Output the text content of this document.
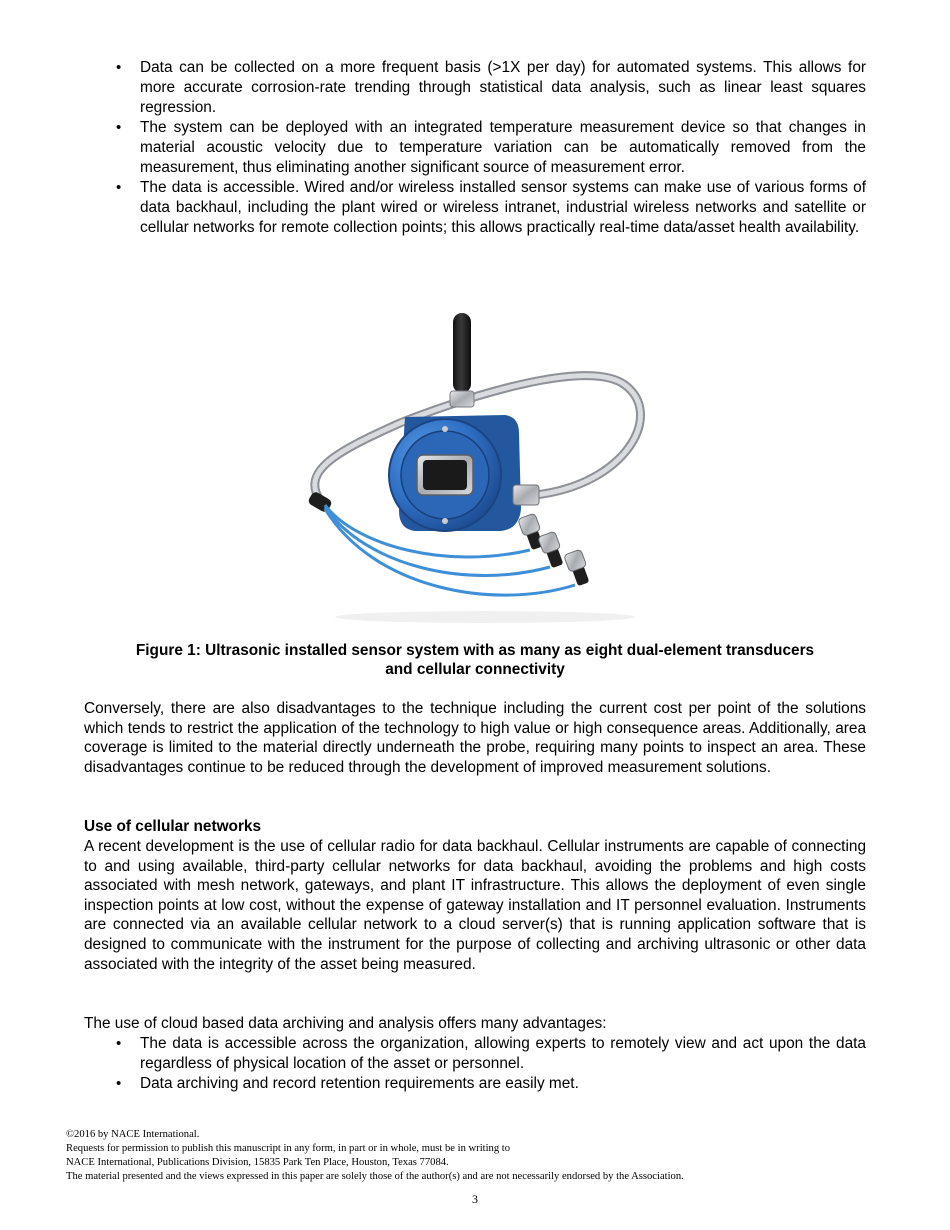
• Data can be collected on a more frequent basis (>1X per day) for automated systems. This allows for more accurate corrosion-rate trending through statistical data analysis, such as linear least squares regression.
• The system can be deployed with an integrated temperature measurement device so that changes in material acoustic velocity due to temperature variation can be automatically removed from the measurement, thus eliminating another significant source of measurement error.
• The data is accessible. Wired and/or wireless installed sensor systems can make use of various forms of data backhaul, including the plant wired or wireless intranet, industrial wireless networks and satellite or cellular networks for remote collection points; this allows practically real-time data/asset health availability.
Figure 1: Ultrasonic installed sensor system with as many as eight dual-element transducers
and cellular connectivity

Conversely, there are also disadvantages to the technique including the current cost per point of the solutions which tends to restrict the application of the technology to high value or high consequence areas. Additionally, area coverage is limited to the material directly underneath the probe, requiring many points to inspect an area. These disadvantages continue to be reduced through the development of improved measurement solutions.

Use of cellular networks

A recent development is the use of cellular radio for data backhaul. Cellular instruments are capable of connecting to and using available, third-party cellular networks for data backhaul, avoiding the problems and high costs associated with mesh network, gateways, and plant IT infrastructure. This allows the deployment of even single inspection points at low cost, without the expense of gateway installation and IT personnel evaluation. Instruments are connected via an available cellular network to a cloud server(s) that is running application software that is designed to communicate with the instrument for the purpose of collecting and archiving ultrasonic or other data associated with the integrity of the asset being measured.

The use of cloud based data archiving and analysis offers many advantages:

• The data is accessible across the organization, allowing experts to remotely view and act upon the data regardless of physical location of the asset or personnel.
• Data archiving and record retention requirements are easily met.
©2016 by NACE International.
Requests for permission to publish this manuscript in any form, in part or in whole, must be in writing to
NACE International, Publications Division, 15835 Park Ten Place, Houston, Texas 77084.
The material presented and the views expressed in this paper are solely those of the author(s) and are not necessarily endorsed by the Association.
3
